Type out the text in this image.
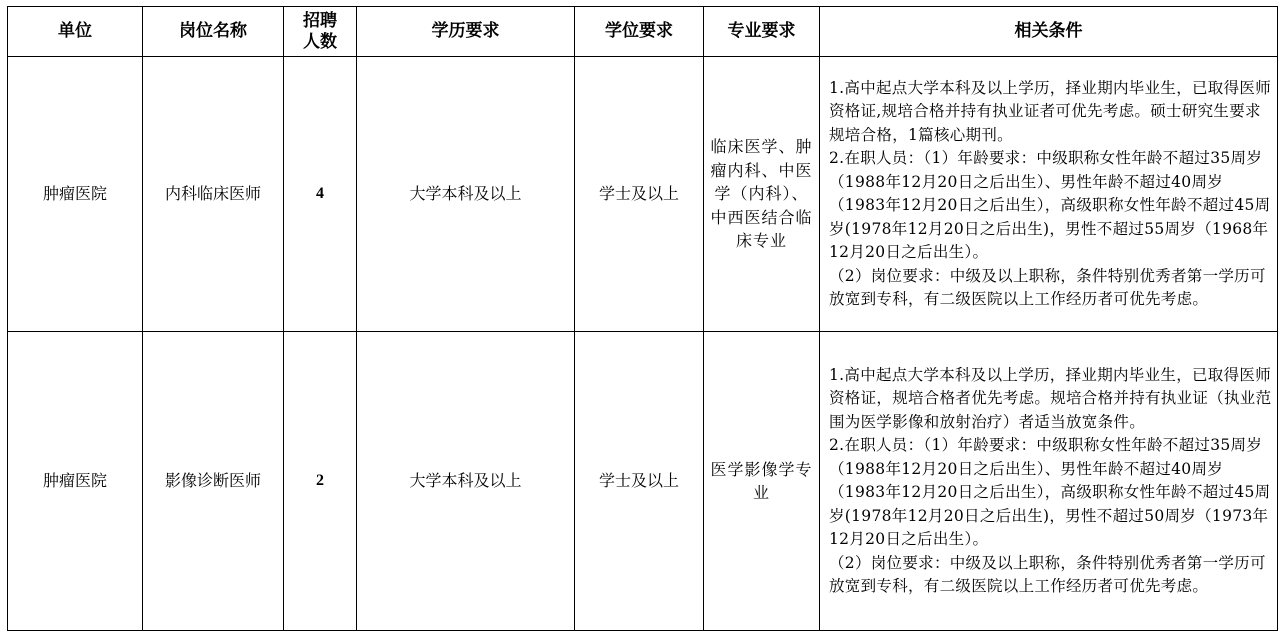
单位	岗位名称	招聘人数	学历要求	学位要求	专业要求	相关条件
肿瘤医院	内科临床医师	4	大学本科及以上	学士及以上	临床医学、肿瘤内科、中医学（内科）、中西医结合临床专业	1.高中起点大学本科及以上学历，择业期内毕业生，已取得医师资格证,规培合格并持有执业证者可优先考虑。硕士研究生要求规培合格，1篇核心期刊。
2.在职人员：（1）年龄要求：中级职称女性年龄不超过35周岁（1988年12月20日之后出生）、男性年龄不超过40周岁（1983年12月20日之后出生），高级职称女性年龄不超过45周岁(1978年12月20日之后出生)，男性不超过55周岁（1968年12月20日之后出生）。
（2）岗位要求：中级及以上职称，条件特别优秀者第一学历可放宽到专科，有二级医院以上工作经历者可优先考虑。

肿瘤医院	影像诊断医师	2	大学本科及以上	学士及以上	医学影像学专业	1.高中起点大学本科及以上学历，择业期内毕业生，已取得医师资格证，规培合格者优先考虑。规培合格并持有执业证（执业范围为医学影像和放射治疗）者适当放宽条件。
2.在职人员：（1）年龄要求：中级职称女性年龄不超过35周岁（1988年12月20日之后出生）、男性年龄不超过40周岁（1983年12月20日之后出生），高级职称女性年龄不超过45周岁(1978年12月20日之后出生)，男性不超过50周岁（1973年12月20日之后出生）。
（2）岗位要求：中级及以上职称，条件特别优秀者第一学历可放宽到专科，有二级医院以上工作经历者可优先考虑。
